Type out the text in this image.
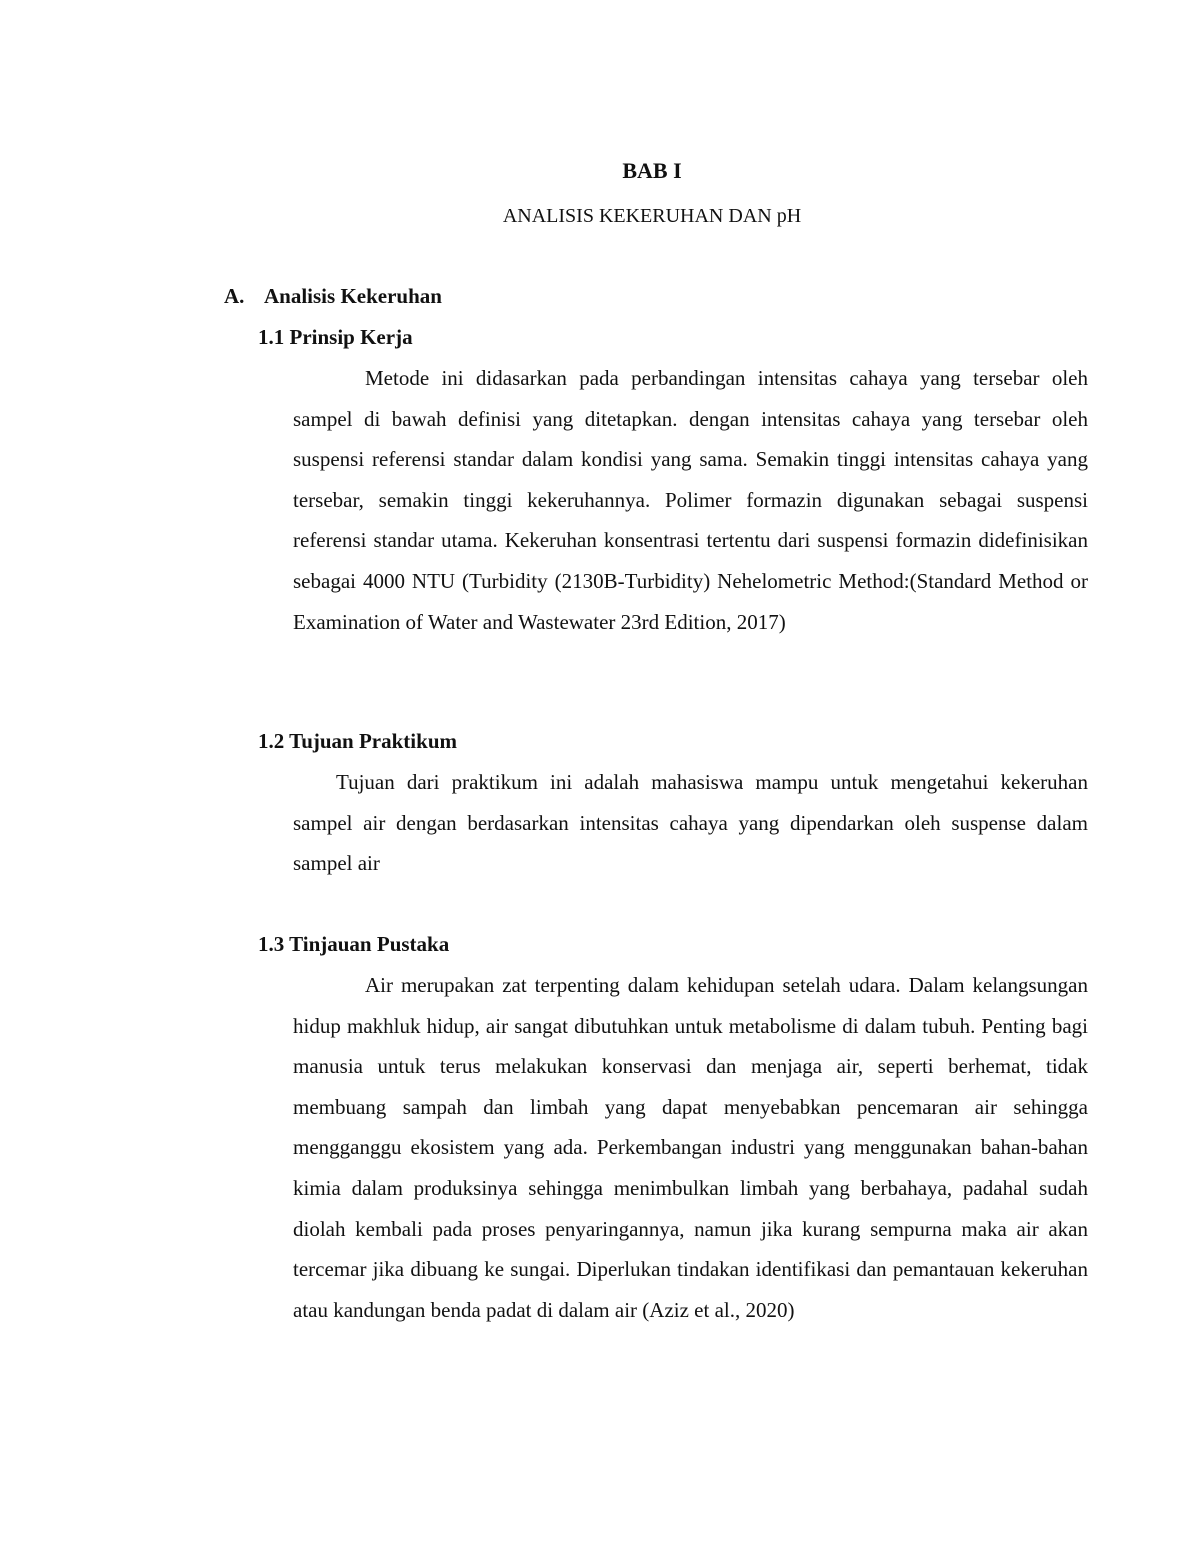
BAB I
ANALISIS KEKERUHAN DAN pH
A. Analisis Kekeruhan
1.1 Prinsip Kerja

Metode ini didasarkan pada perbandingan intensitas cahaya yang tersebar oleh sampel di bawah definisi yang ditetapkan. dengan intensitas cahaya yang tersebar oleh suspensi referensi standar dalam kondisi yang sama. Semakin tinggi intensitas cahaya yang tersebar, semakin tinggi kekeruhannya. Polimer formazin digunakan sebagai suspensi referensi standar utama. Kekeruhan konsentrasi tertentu dari suspensi formazin didefinisikan sebagai 4000 NTU (Turbidity (2130B-Turbidity) Nehelometric Method:(Standard Method or Examination of Water and Wastewater 23rd Edition, 2017)

1.2 Tujuan Praktikum

Tujuan dari praktikum ini adalah mahasiswa mampu untuk mengetahui kekeruhan sampel air dengan berdasarkan intensitas cahaya yang dipendarkan oleh suspense dalam sampel air

1.3 Tinjauan Pustaka

Air merupakan zat terpenting dalam kehidupan setelah udara. Dalam kelangsungan hidup makhluk hidup, air sangat dibutuhkan untuk metabolisme di dalam tubuh. Penting bagi manusia untuk terus melakukan konservasi dan menjaga air, seperti berhemat, tidak membuang sampah dan limbah yang dapat menyebabkan pencemaran air sehingga mengganggu ekosistem yang ada. Perkembangan industri yang menggunakan bahan-bahan kimia dalam produksinya sehingga menimbulkan limbah yang berbahaya, padahal sudah diolah kembali pada proses penyaringannya, namun jika kurang sempurna maka air akan tercemar jika dibuang ke sungai. Diperlukan tindakan identifikasi dan pemantauan kekeruhan atau kandungan benda padat di dalam air (Aziz et al., 2020)
